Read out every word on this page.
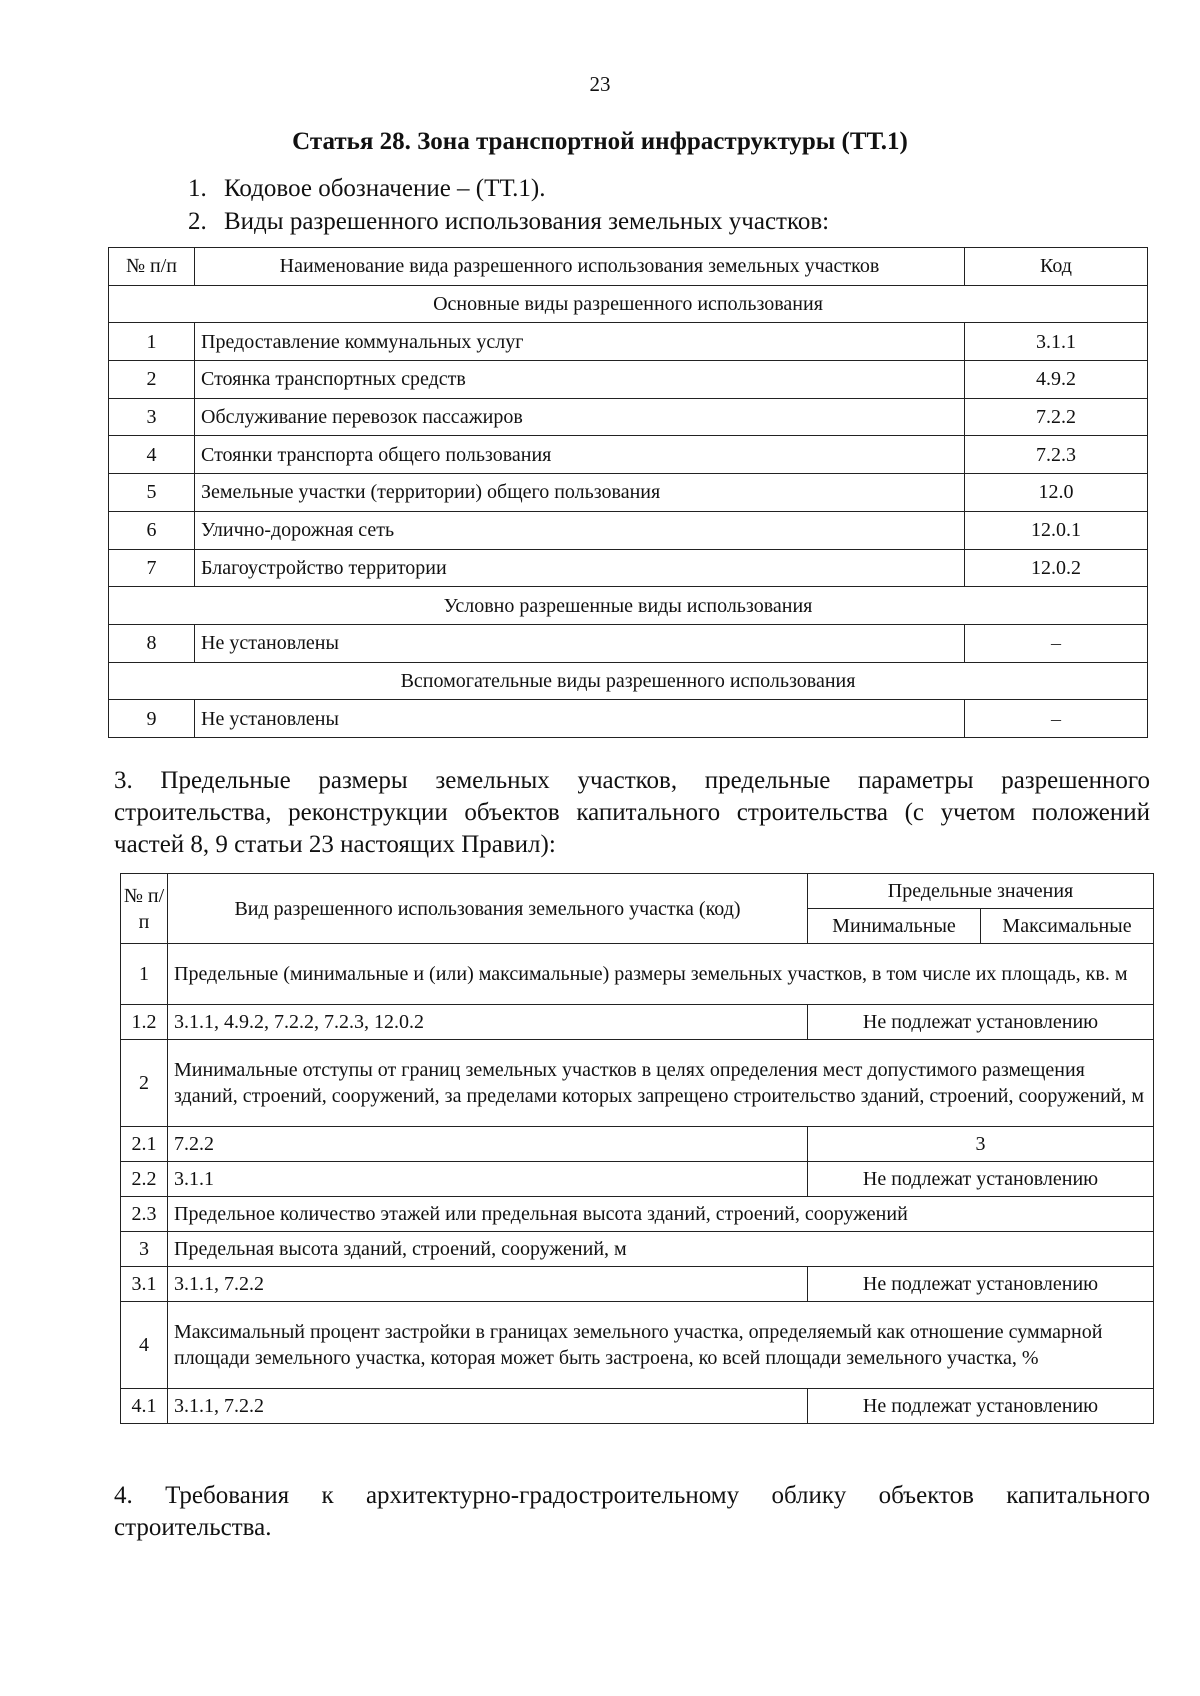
23
Статья 28. Зона транспортной инфраструктуры (ТТ.1)
1. Кодовое обозначение – (ТТ.1).
2. Виды разрешенного использования земельных участков:
№ п/п	Наименование вида разрешенного использования земельных участков	Код
Основные виды разрешенного использования		
1	Предоставление коммунальных услуг	3.1.1
2	Стоянка транспортных средств	4.9.2
3	Обслуживание перевозок пассажиров	7.2.2
4	Стоянки транспорта общего пользования	7.2.3
5	Земельные участки (территории) общего пользования	12.0
6	Улично-дорожная сеть	12.0.1
7	Благоустройство территории	12.0.2
Условно разрешенные виды использования		
8	Не установлены	–
Вспомогательные виды разрешенного использования		
9	Не установлены	–
3. Предельные размеры земельных участков, предельные параметры разрешенного строительства, реконструкции объектов капитального строительства (с учетом положений частей 8, 9 статьи 23 настоящих Правил):
№ п/п	Вид разрешенного использования земельного участка (код)	Предельные значения	
		Минимальные	Максимальные
1	Предельные (минимальные и (или) максимальные) размеры земельных участков, в том числе их площадь, кв. м		
1.2	3.1.1, 4.9.2, 7.2.2, 7.2.3, 12.0.2	Не подлежат установлению	
2	Минимальные отступы от границ земельных участков в целях определения мест допустимого размещения зданий, строений, сооружений, за пределами которых запрещено строительство зданий, строений, сооружений, м		
2.1	7.2.2	3	
2.2	3.1.1	Не подлежат установлению	
2.3	Предельное количество этажей или предельная высота зданий, строений, сооружений		
3	Предельная высота зданий, строений, сооружений, м		
3.1	3.1.1, 7.2.2	Не подлежат установлению	
4	Максимальный процент застройки в границах земельного участка, определяемый как отношение суммарной площади земельного участка, которая может быть застроена, ко всей площади земельного участка, %		
4.1	3.1.1, 7.2.2	Не подлежат установлению	
4. Требования к архитектурно-градостроительному облику объектов капитального строительства.
